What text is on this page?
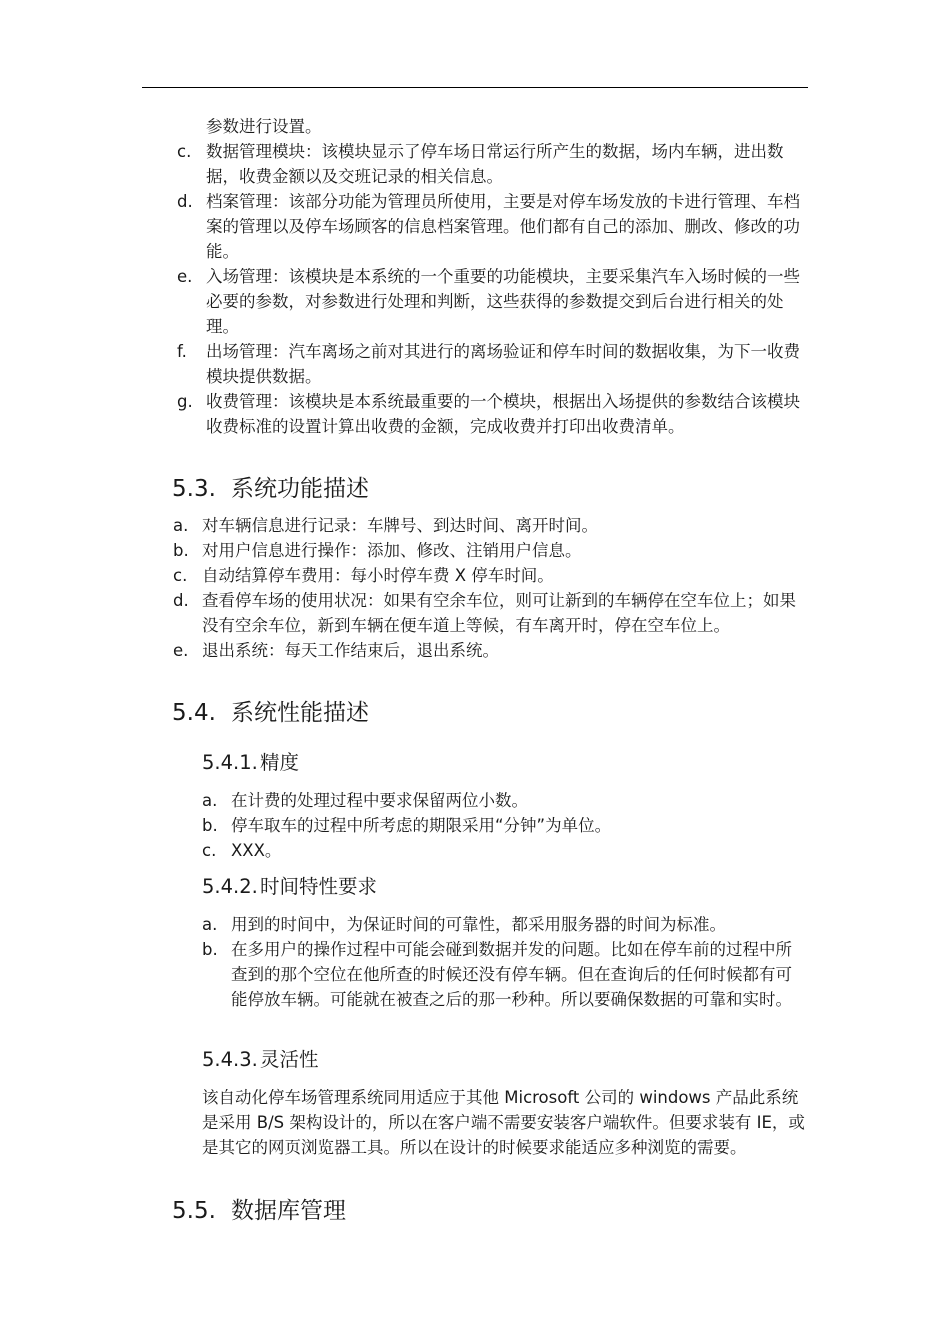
参数进行设置。
c. 数据管理模块：该模块显示了停车场日常运行所产生的数据，场内车辆，进出数据，收费金额以及交班记录的相关信息。
d. 档案管理：该部分功能为管理员所使用，主要是对停车场发放的卡进行管理、车档案的管理以及停车场顾客的信息档案管理。他们都有自己的添加、删改、修改的功能。
e. 入场管理：该模块是本系统的一个重要的功能模块，主要采集汽车入场时候的一些必要的参数，对参数进行处理和判断，这些获得的参数提交到后台进行相关的处理。
f. 出场管理：汽车离场之前对其进行的离场验证和停车时间的数据收集，为下一收费模块提供数据。
g. 收费管理：该模块是本系统最重要的一个模块，根据出入场提供的参数结合该模块收费标准的设置计算出收费的金额，完成收费并打印出收费清单。
5.3. 系统功能描述
a. 对车辆信息进行记录：车牌号、到达时间、离开时间。
b. 对用户信息进行操作：添加、修改、注销用户信息。
c. 自动结算停车费用：每小时停车费 X 停车时间。
d. 查看停车场的使用状况：如果有空余车位，则可让新到的车辆停在空车位上；如果没有空余车位，新到车辆在便车道上等候，有车离开时，停在空车位上。
e. 退出系统：每天工作结束后，退出系统。
5.4. 系统性能描述
5.4.1. 精度
a. 在计费的处理过程中要求保留两位小数。
b. 停车取车的过程中所考虑的期限采用“分钟”为单位。
c. XXX。
5.4.2. 时间特性要求
a. 用到的时间中，为保证时间的可靠性，都采用服务器的时间为标准。
b. 在多用户的操作过程中可能会碰到数据并发的问题。比如在停车前的过程中所查到的那个空位在他所查的时候还没有停车辆。但在查询后的任何时候都有可能停放车辆。可能就在被查之后的那一秒种。所以要确保数据的可靠和实时。
5.4.3. 灵活性

该自动化停车场管理系统同用适应于其他 Microsoft 公司的 windows 产品此系统是采用 B/S 架构设计的，所以在客户端不需要安装客户端软件。但要求装有 IE，或是其它的网页浏览器工具。所以在设计的时候要求能适应多种浏览的需要。

5.5. 数据库管理
